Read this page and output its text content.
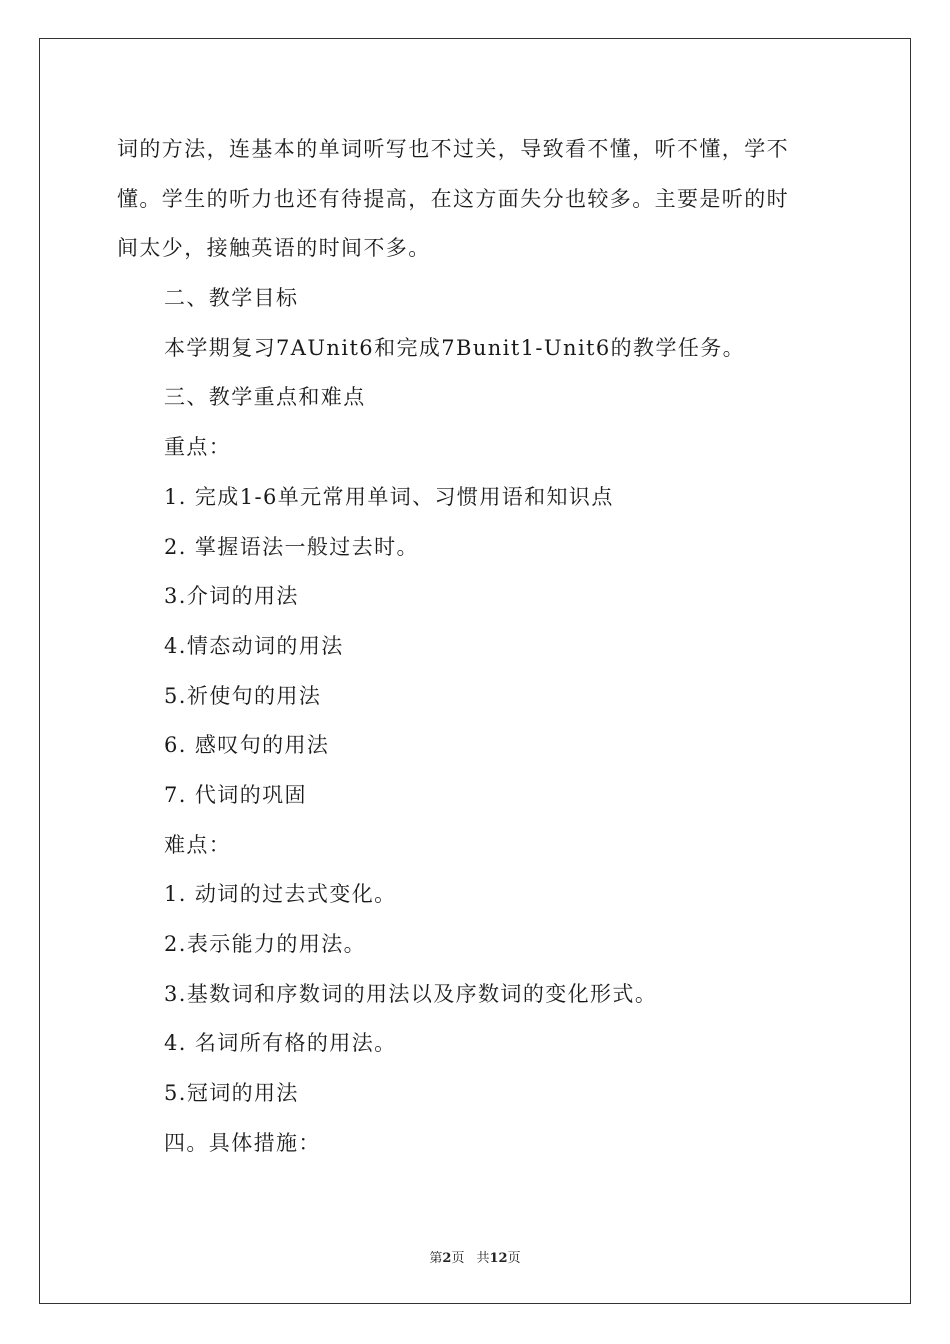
词的方法，连基本的单词听写也不过关，导致看不懂，听不懂，学不
懂。学生的听力也还有待提高，在这方面失分也较多。主要是听的时
间太少，接触英语的时间不多。
二、教学目标
本学期复习7AUnit6和完成7Bunit1-Unit6的教学任务。
三、教学重点和难点
重点：
1. 完成1-6单元常用单词、习惯用语和知识点
2. 掌握语法一般过去时。
3.介词的用法
4.情态动词的用法
5.祈使句的用法
6. 感叹句的用法
7. 代词的巩固
难点：
1. 动词的过去式变化。
2.表示能力的用法。
3.基数词和序数词的用法以及序数词的变化形式。
4. 名词所有格的用法。
5.冠词的用法
四。具体措施：
第2页 共12页
